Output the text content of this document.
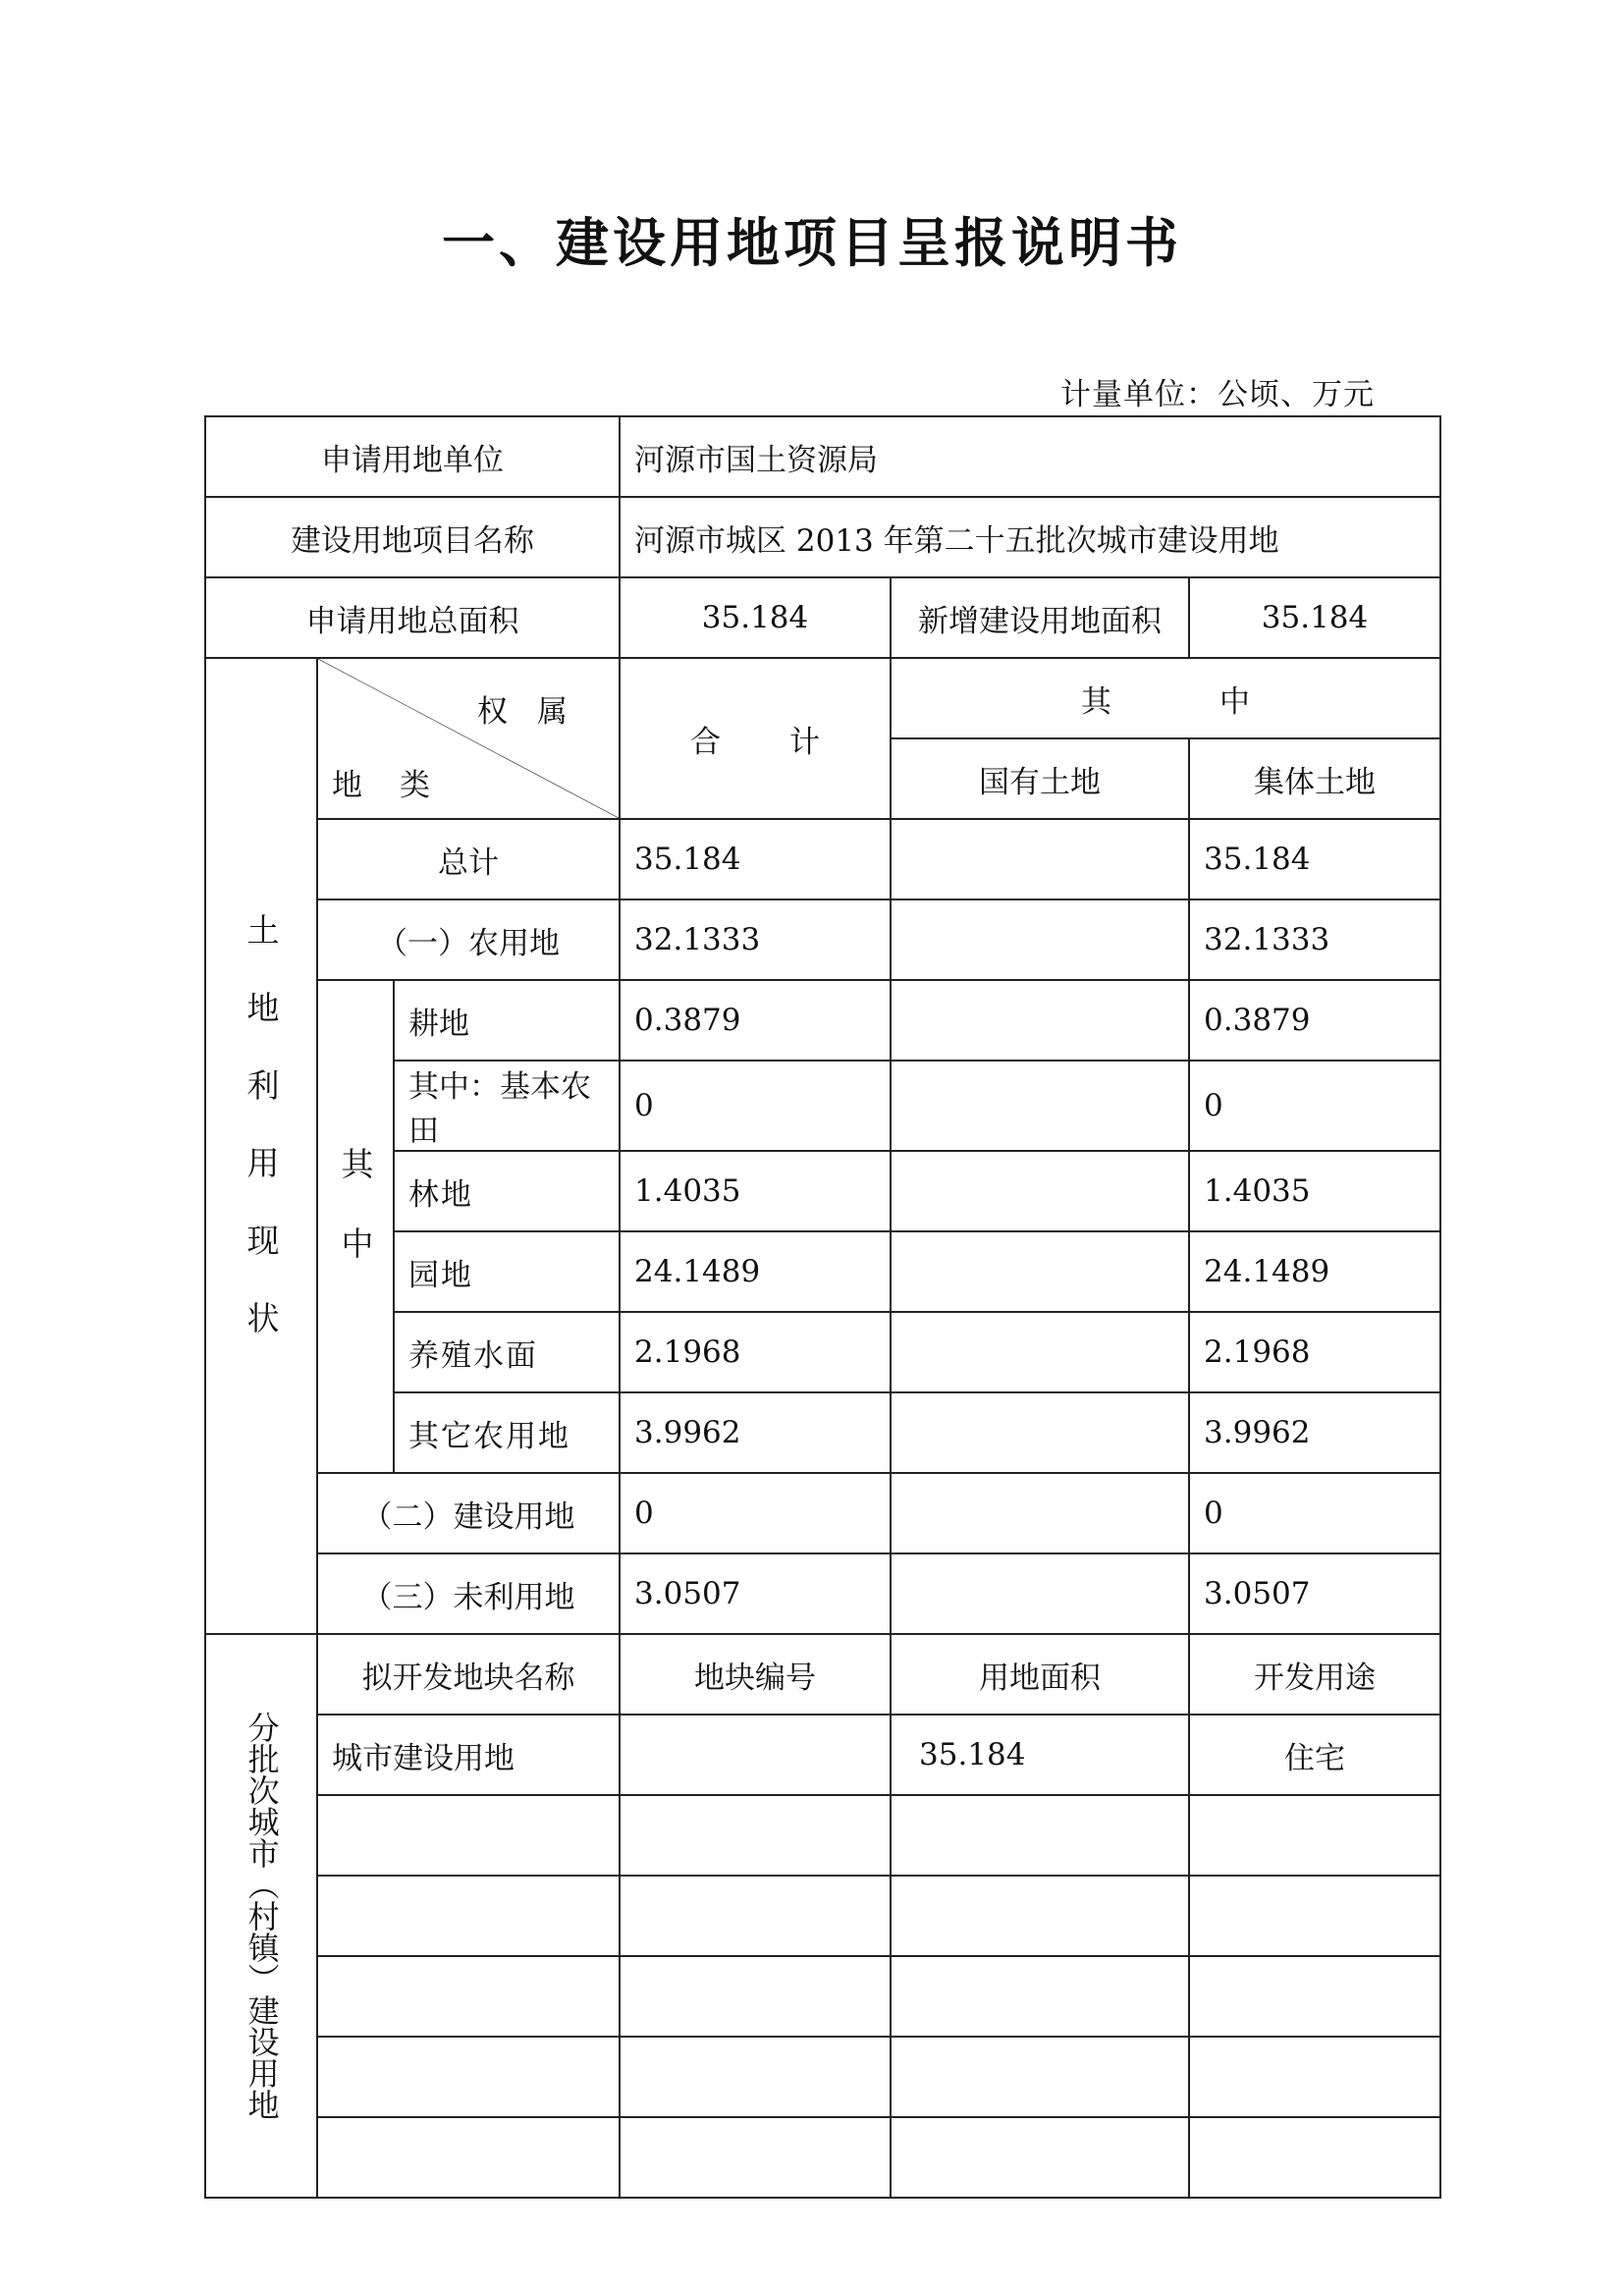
一、建设用地项目呈报说明书
计量单位：公顷、万元
申请用地单位			河源市国土资源局		
建设用地项目名称			河源市城区 2013 年第二十五批次城市建设用地		
申请用地总面积			35.184	新增建设用地面积	35.184

土地利用现状	权属
地类		合计	其中	
				国有土地	集体土地
	总计		35.184		35.184
	（一）农用地		32.1333		32.1333

	其中	耕地	0.3879		0.3879
		其中：基本农田	0		0
		林地	1.4035		1.4035
		园地	24.1489		24.1489
		养殖水面	2.1968		2.1968
		其它农用地	3.9962		3.9962
	（二）建设用地		0		0
	（三）未利用地		3.0507		3.0507

分批次城市（村镇）建设用地	拟开发地块名称		地块编号	用地面积	开发用途
	城市建设用地			35.184	住宅
